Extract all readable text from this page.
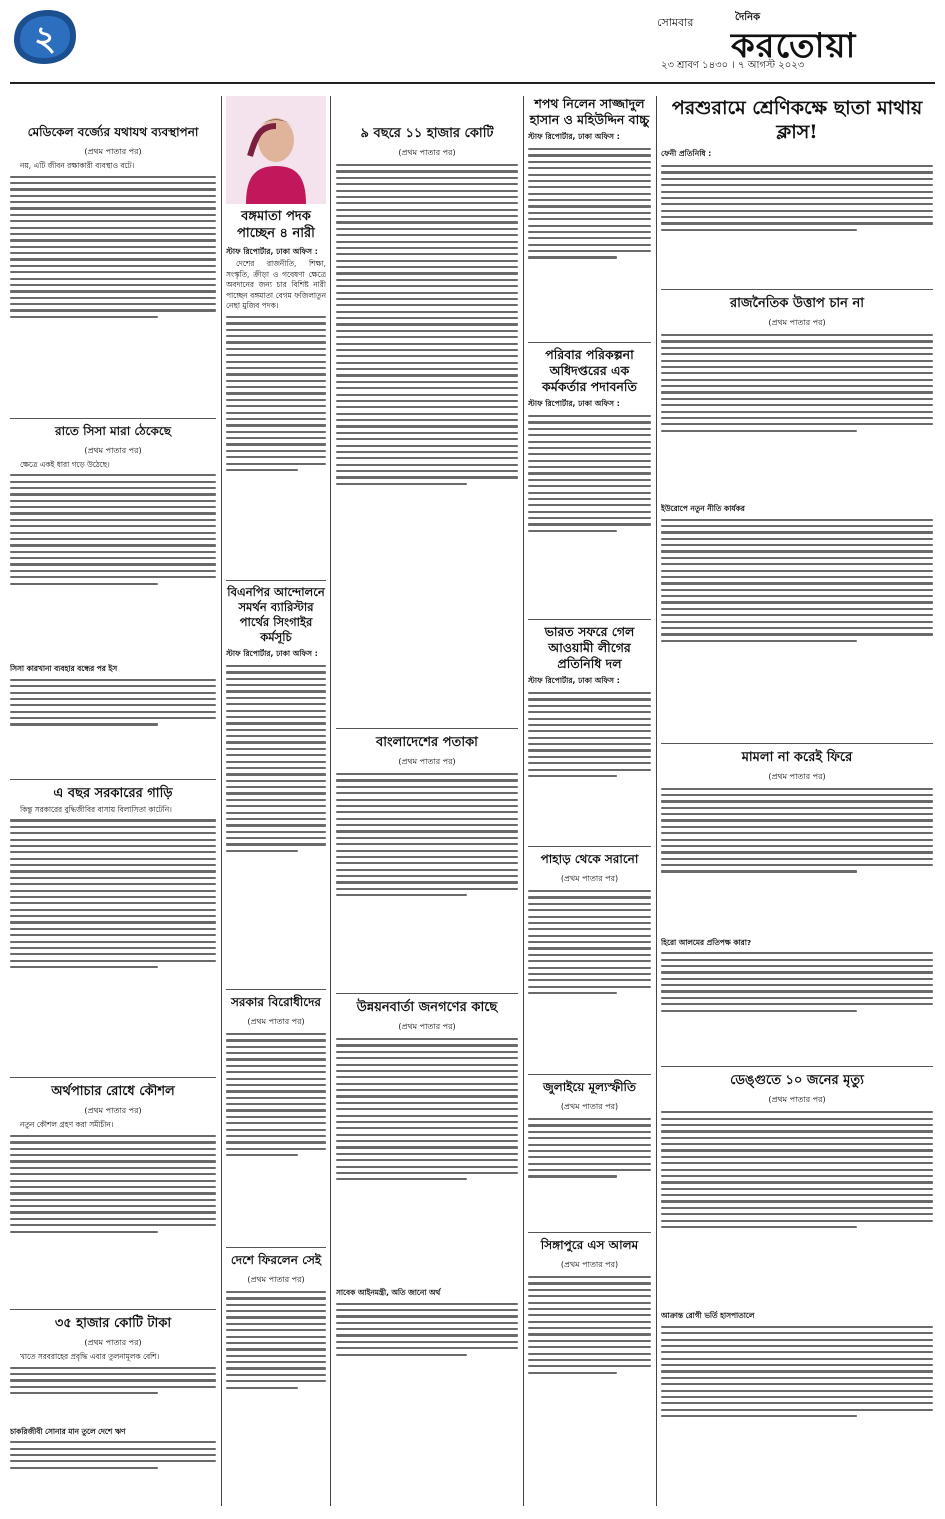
২	সোমবার	দৈনিক
করতোয়া
২৩ শ্রাবণ ১৪৩০ । ৭ আগস্ট ২০২৩
মেডিকেল বর্জ্যের যথাযথ ব্যবস্থাপনা
(প্রথম পাতার পর)
নয়, এটি জীবন রক্ষাকারী ব্যবস্থাও বটে।
রাতে সিসা মারা ঠেকেছে
(প্রথম পাতার পর)
ক্ষেত্রে একই ধারা গড়ে উঠেছে।
সিসা কারখানা ব্যবহার বন্ধের পর ইস
এ বছর সরকারের গাড়ি
কিন্তু সরকারের বুদ্ধিজীবির বাসায় বিলাসিতা কাটেনি।
অর্থপাচার রোধে কৌশল
(প্রথম পাতার পর)
নতুন কৌশল গ্রহণ করা সমীচীন।
৩৫ হাজার কোটি টাকা
(প্রথম পাতার পর)
খাতে সরবরাহের প্রবৃদ্ধি এবার তুলনামূলক বেশি।
চাকরিজীবী সোনার মান তুলে দেশে ঋণ
বঙ্গমাতা পদক পাচ্ছেন ৪ নারী
স্টাফ রিপোর্টার, ঢাকা অফিস :
দেশের রাজনীতি, শিক্ষা, সংস্কৃতি, ক্রীড়া ও গবেষণা ক্ষেত্রে অবদানের জন্য চার বিশিষ্ট নারী পাচ্ছেন বঙ্গমাতা বেগম ফজিলাতুন নেছা মুজিব পদক।
বিএনপির আন্দোলনে সমর্থন ব্যারিস্টার পার্থের সিংগাইর কর্মসূচি
স্টাফ রিপোর্টার, ঢাকা অফিস :
সরকার বিরোধীদের
(প্রথম পাতার পর)
দেশে ফিরলেন সেই
(প্রথম পাতার পর)
৯ বছরে ১১ হাজার কোটি
(প্রথম পাতার পর)
বাংলাদেশের পতাকা
(প্রথম পাতার পর)
উন্নয়নবার্তা জনগণের কাছে
(প্রথম পাতার পর)
সাবেক আইনমন্ত্রী, অতি জানো অর্থ
শপথ নিলেন সাজ্জাদুল হাসান ও মহিউদ্দিন বাচ্চু
স্টাফ রিপোর্টার, ঢাকা অফিস :
পরিবার পরিকল্পনা অধিদপ্তরের এক কর্মকর্তার পদাবনতি
স্টাফ রিপোর্টার, ঢাকা অফিস :
ভারত সফরে গেল আওয়ামী লীগের প্রতিনিধি দল
স্টাফ রিপোর্টার, ঢাকা অফিস :
পাহাড় থেকে সরানো
(প্রথম পাতার পর)
জুলাইয়ে মূল্যস্ফীতি
(প্রথম পাতার পর)
সিঙ্গাপুরে এস আলম
(প্রথম পাতার পর)
পরশুরামে শ্রেণিকক্ষে ছাতা মাথায় ক্লাস!
ফেনী প্রতিনিধি :
রাজনৈতিক উত্তাপ চান না
(প্রথম পাতার পর)
ইউরোপে নতুন নীতি কার্যকর
মামলা না করেই ফিরে
(প্রথম পাতার পর)
হিরো আলমের প্রতিপক্ষ কারা?
ডেঙ্গুতে ১০ জনের মৃত্যু
(প্রথম পাতার পর)
আক্রান্ত রোগী ভর্তি হাসপাতালে
